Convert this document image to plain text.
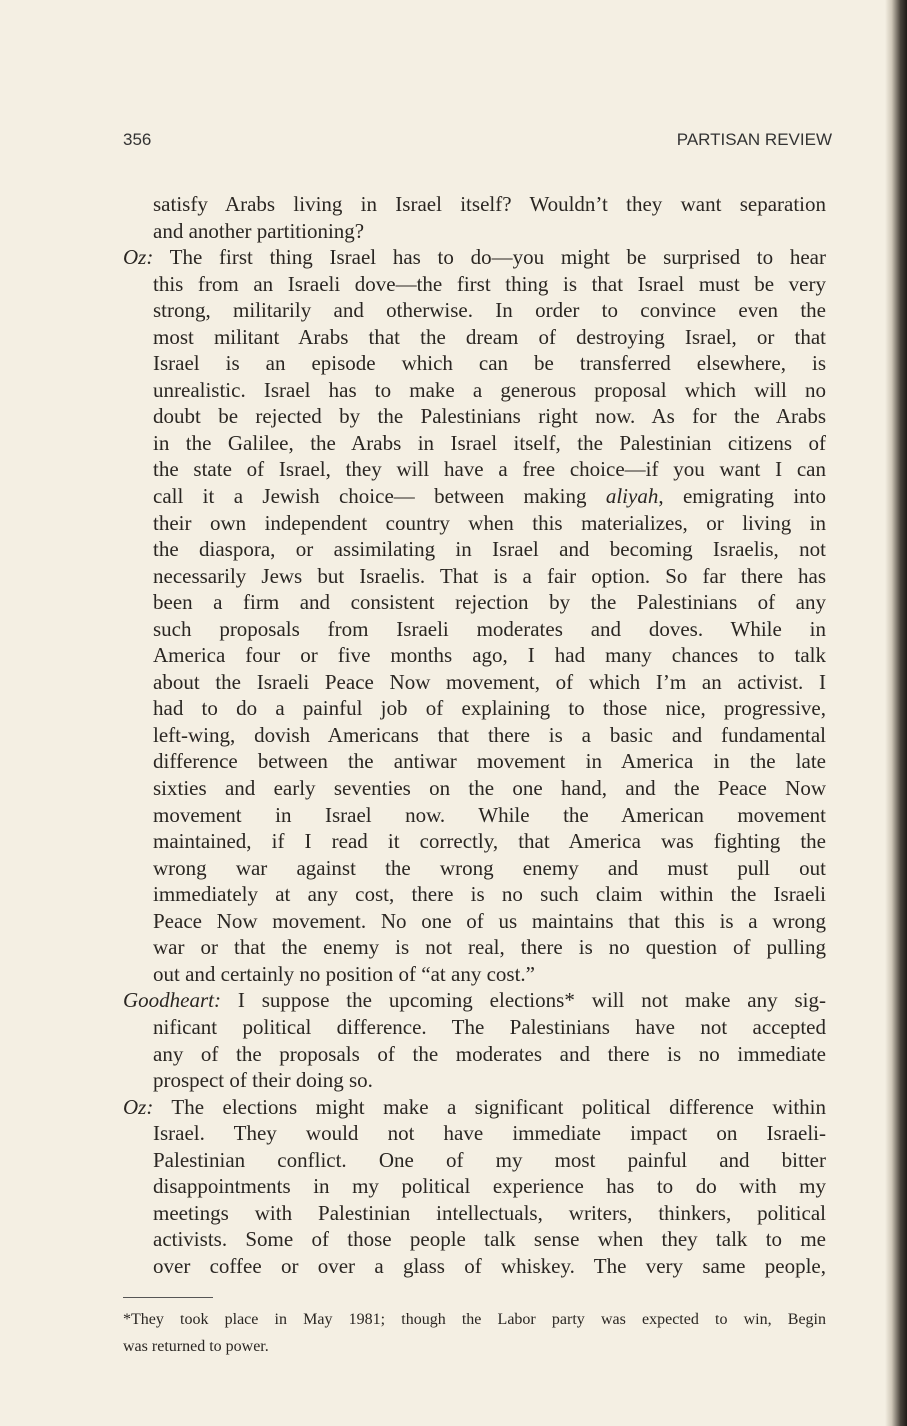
356	PARTISAN REVIEW
satisfy Arabs living in Israel itself? Wouldn’t they want separation
and another partitioning?
Oz: The first thing Israel has to do—you might be surprised to hear
this from an Israeli dove—the first thing is that Israel must be very
strong, militarily and otherwise. In order to convince even the
most militant Arabs that the dream of destroying Israel, or that
Israel is an episode which can be transferred elsewhere, is
unrealistic. Israel has to make a generous proposal which will no
doubt be rejected by the Palestinians right now. As for the Arabs
in the Galilee, the Arabs in Israel itself, the Palestinian citizens of
the state of Israel, they will have a free choice—if you want I can
call it a Jewish choice— between making aliyah, emigrating into
their own independent country when this materializes, or living in
the diaspora, or assimilating in Israel and becoming Israelis, not
necessarily Jews but Israelis. That is a fair option. So far there has
been a firm and consistent rejection by the Palestinians of any
such proposals from Israeli moderates and doves. While in
America four or five months ago, I had many chances to talk
about the Israeli Peace Now movement, of which I’m an activist. I
had to do a painful job of explaining to those nice, progressive,
left-wing, dovish Americans that there is a basic and fundamental
difference between the antiwar movement in America in the late
sixties and early seventies on the one hand, and the Peace Now
movement in Israel now. While the American movement
maintained, if I read it correctly, that America was fighting the
wrong war against the wrong enemy and must pull out
immediately at any cost, there is no such claim within the Israeli
Peace Now movement. No one of us maintains that this is a wrong
war or that the enemy is not real, there is no question of pulling
out and certainly no position of “at any cost.”
Goodheart: I suppose the upcoming elections* will not make any sig-
nificant political difference. The Palestinians have not accepted
any of the proposals of the moderates and there is no immediate
prospect of their doing so.
Oz: The elections might make a significant political difference within
Israel. They would not have immediate impact on Israeli-
Palestinian conflict. One of my most painful and bitter
disappointments in my political experience has to do with my
meetings with Palestinian intellectuals, writers, thinkers, political
activists. Some of those people talk sense when they talk to me
over coffee or over a glass of whiskey. The very same people,
*They took place in May 1981; though the Labor party was expected to win, Begin
was returned to power.
